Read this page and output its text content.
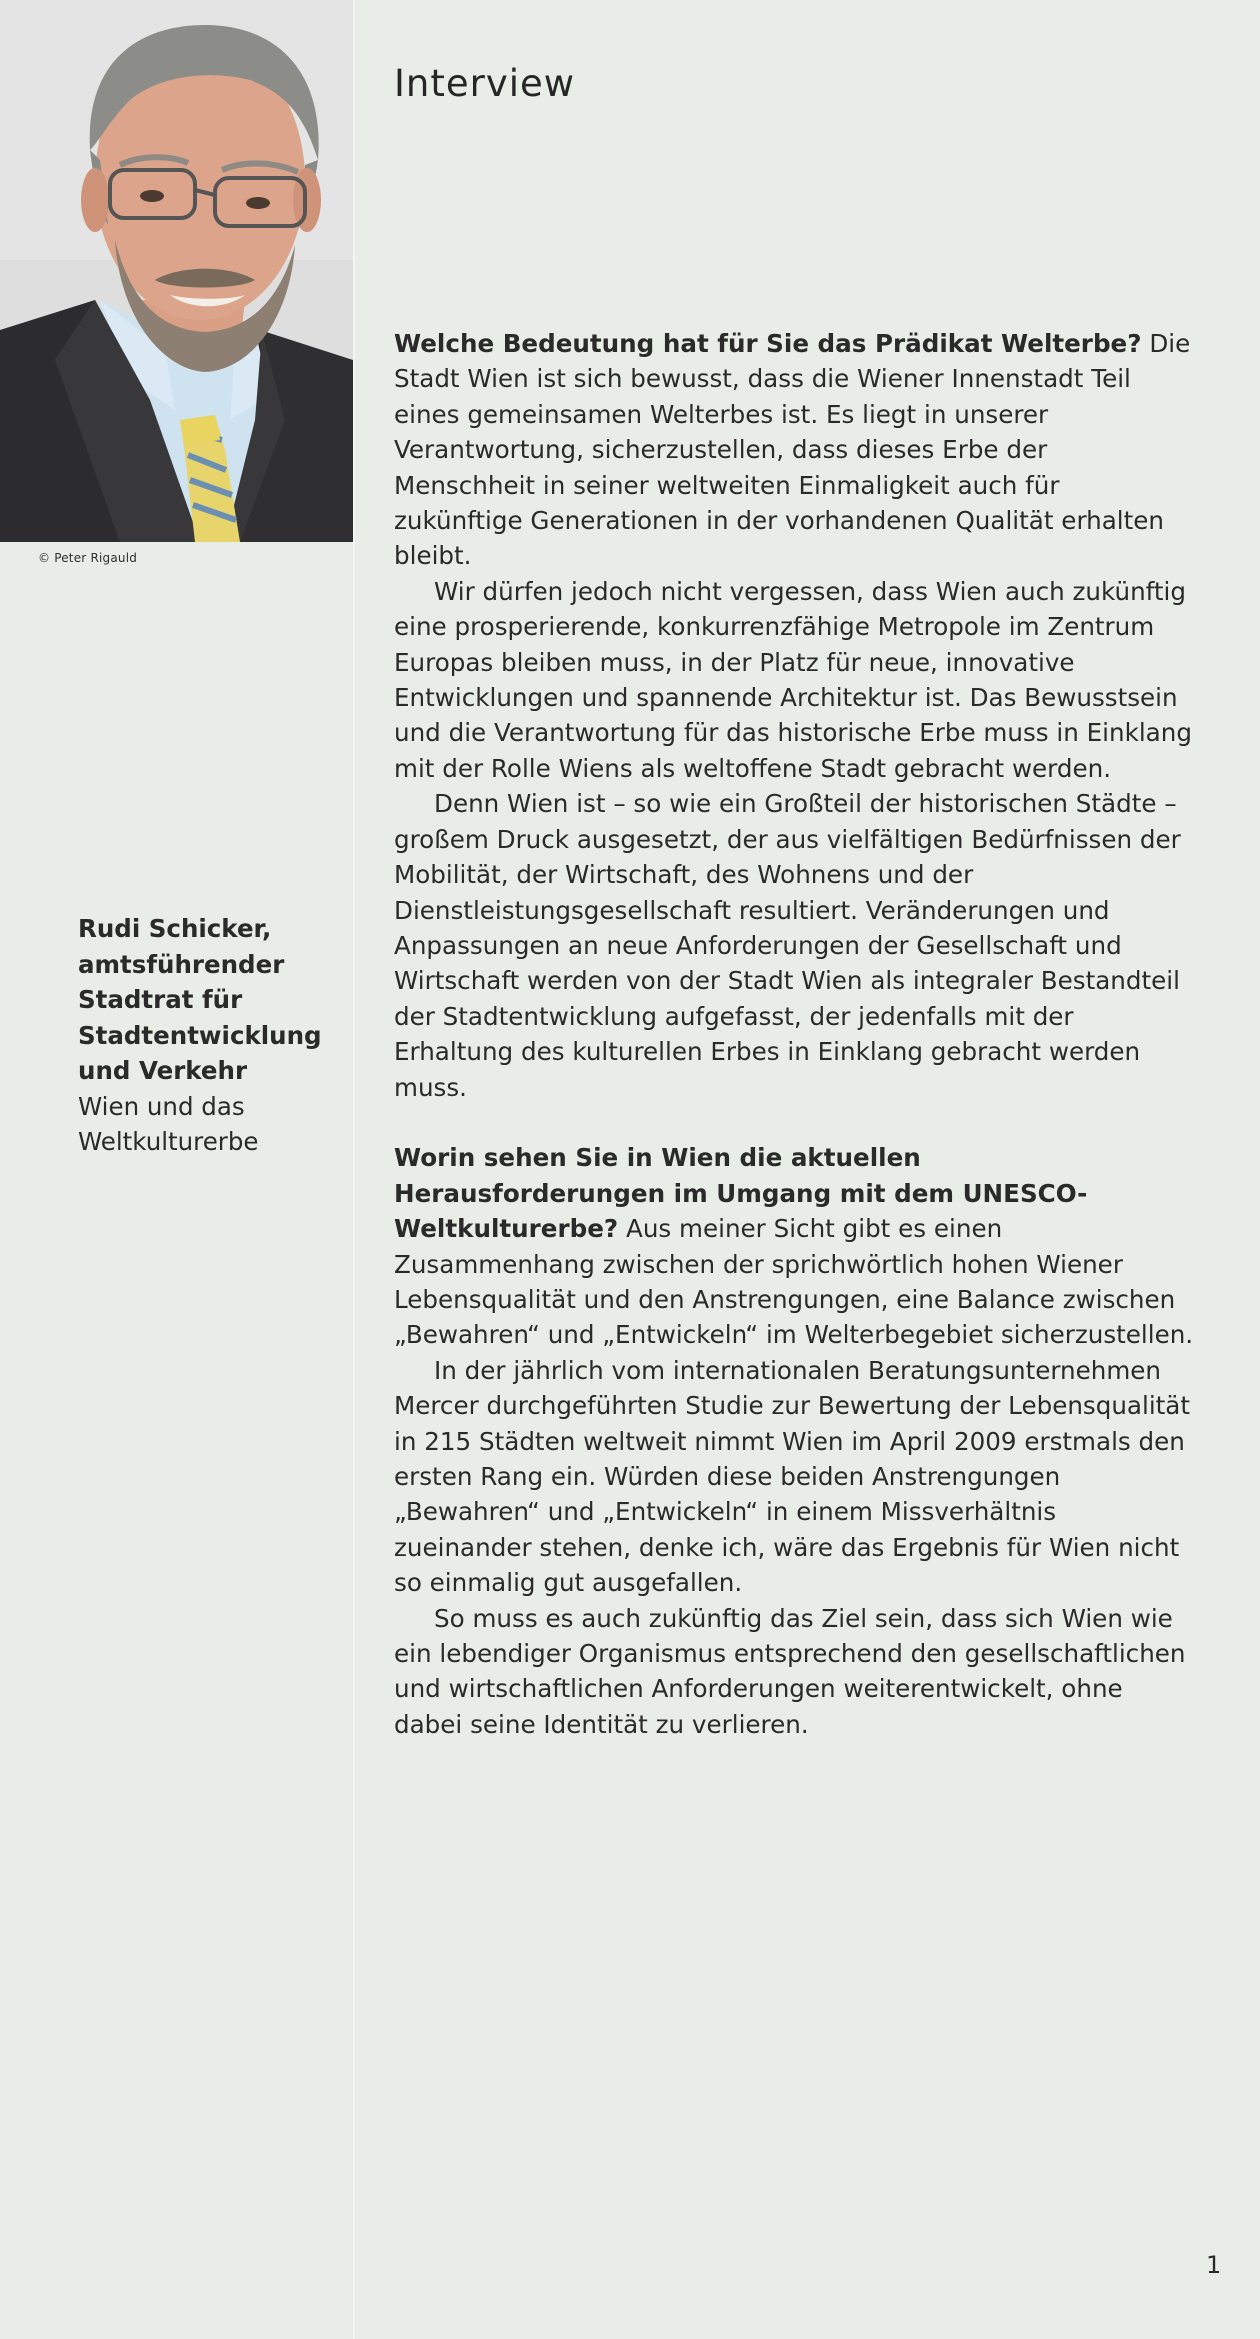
© Peter Rigauld
Rudi Schicker,
amtsführender
Stadtrat für
Stadtentwicklung
und Verkehr
Wien und das
Weltkulturerbe
Interview

Welche Bedeutung hat für Sie das Prädikat Welterbe? Die Stadt Wien ist sich bewusst, dass die Wiener Innenstadt Teil eines gemeinsamen Welterbes ist. Es liegt in unserer Verantwortung, sicherzustellen, dass dieses Erbe der Menschheit in seiner weltweiten Einmaligkeit auch für zukünftige Generationen in der vorhandenen Qualität erhalten bleibt.

Wir dürfen jedoch nicht vergessen, dass Wien auch zukünftig eine prosperierende, konkurrenzfähige Metropole im Zentrum Europas bleiben muss, in der Platz für neue, innovative Entwicklungen und spannende Architektur ist. Das Bewusstsein und die Verantwortung für das historische Erbe muss in Einklang mit der Rolle Wiens als weltoffene Stadt gebracht werden.

Denn Wien ist – so wie ein Großteil der historischen Städte – großem Druck ausgesetzt, der aus vielfältigen Bedürfnissen der Mobilität, der Wirtschaft, des Wohnens und der Dienstleistungsgesellschaft resultiert. Veränderungen und Anpassungen an neue Anforderungen der Gesellschaft und Wirtschaft werden von der Stadt Wien als integraler Bestandteil der Stadtentwicklung aufgefasst, der jedenfalls mit der Erhaltung des kulturellen Erbes in Einklang gebracht werden muss.

Worin sehen Sie in Wien die aktuellen Herausforderungen im Umgang mit dem UNESCO-Weltkulturerbe? Aus meiner Sicht gibt es einen Zusammenhang zwischen der sprichwörtlich hohen Wiener Lebensqualität und den Anstrengungen, eine Balance zwischen „Bewahren“ und „Entwickeln“ im Welterbegebiet sicherzustellen.

In der jährlich vom internationalen Beratungsunternehmen Mercer durchgeführten Studie zur Bewertung der Lebensqualität in 215 Städten weltweit nimmt Wien im April 2009 erstmals den ersten Rang ein. Würden diese beiden Anstrengungen „Bewahren“ und „Entwickeln“ in einem Missverhältnis zueinander stehen, denke ich, wäre das Ergebnis für Wien nicht so einmalig gut ausgefallen.

So muss es auch zukünftig das Ziel sein, dass sich Wien wie ein lebendiger Organismus entsprechend den gesellschaftlichen und wirtschaftlichen Anforderungen weiterentwickelt, ohne dabei seine Identität zu verlieren.

1
